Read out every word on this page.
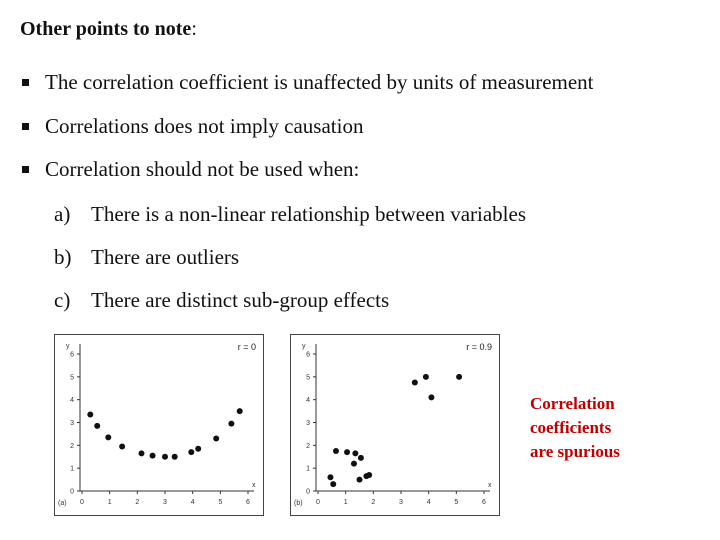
Other points to note:
The correlation coefficient is unaffected by units of measurement
Correlations does not imply causation
Correlation should not be used when:
a) There is a non-linear relationship between variables
b) There are outliers
c) There are distinct sub-group effects
y
x
0	1	2	3	4	5	6
0
1
2
3
4
5
6
(a)
r = 0	y
x
0	1	2	3	4	5	6
0
1
2
3
4
5
6
(b)
r = 0.9
Correlation
coefficients
are spurious
